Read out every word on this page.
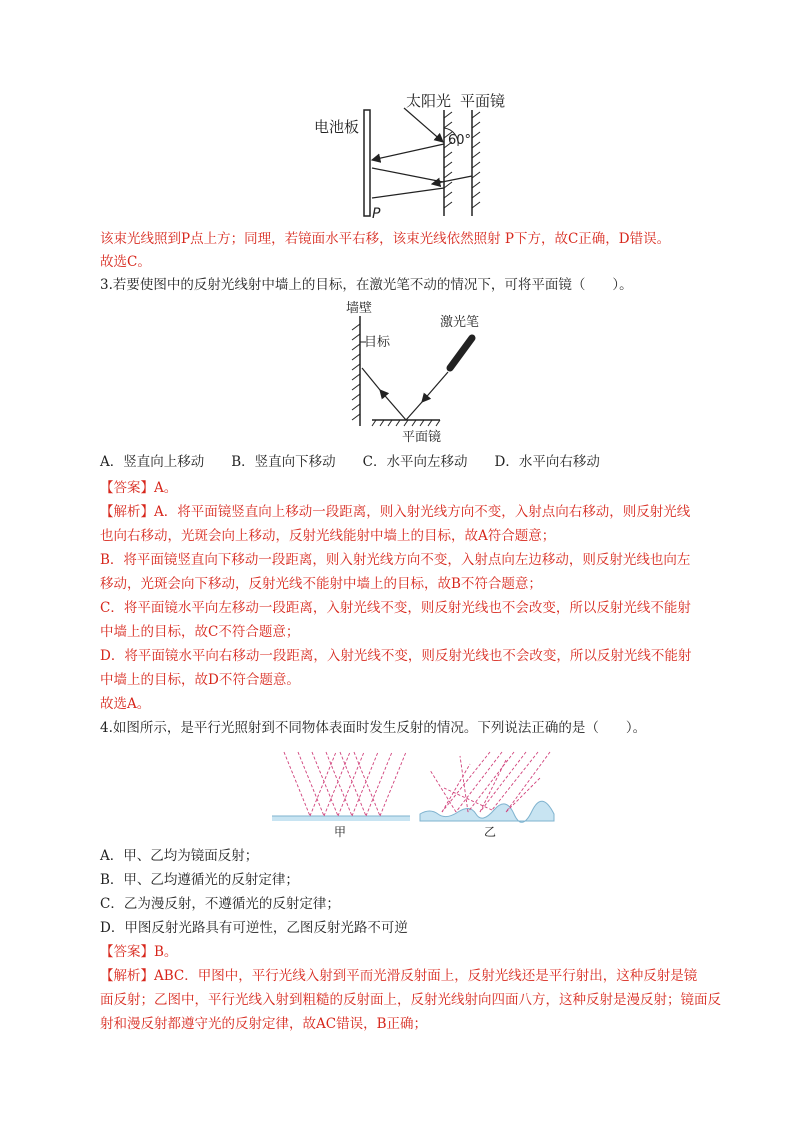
电池板
太阳光 平面镜
60°
P
该束光线照到P点上方；同理，若镜面水平右移，该束光线依然照射 P下方，故C正确，D错误。
故选C。
3.若要使图中的反射光线射中墙上的目标，在激光笔不动的情况下，可将平面镜（　　）。
墙壁
目标
激光笔
平面镜
A．竖直向上移动　　B．竖直向下移动　　C．水平向左移动　　D．水平向右移动
【答案】A。
【解析】A．将平面镜竖直向上移动一段距离，则入射光线方向不变，入射点向右移动，则反射光线
也向右移动，光斑会向上移动，反射光线能射中墙上的目标，故A符合题意；
B．将平面镜竖直向下移动一段距离，则入射光线方向不变，入射点向左边移动，则反射光线也向左
移动，光斑会向下移动，反射光线不能射中墙上的目标，故B不符合题意；
C．将平面镜水平向左移动一段距离，入射光线不变，则反射光线也不会改变，所以反射光线不能射
中墙上的目标，故C不符合题意；
D．将平面镜水平向右移动一段距离，入射光线不变，则反射光线也不会改变，所以反射光线不能射
中墙上的目标，故D不符合题意。
故选A。
4.如图所示，是平行光照射到不同物体表面时发生反射的情况。下列说法正确的是（　　）。
甲	乙
A．甲、乙均为镜面反射；
B．甲、乙均遵循光的反射定律；
C．乙为漫反射，不遵循光的反射定律；
D．甲图反射光路具有可逆性，乙图反射光路不可逆
【答案】B。
【解析】ABC．甲图中，平行光线入射到平而光滑反射面上，反射光线还是平行射出，这种反射是镜
面反射；乙图中，平行光线入射到粗糙的反射面上，反射光线射向四面八方，这种反射是漫反射；镜面反
射和漫反射都遵守光的反射定律，故AC错误，B正确；
